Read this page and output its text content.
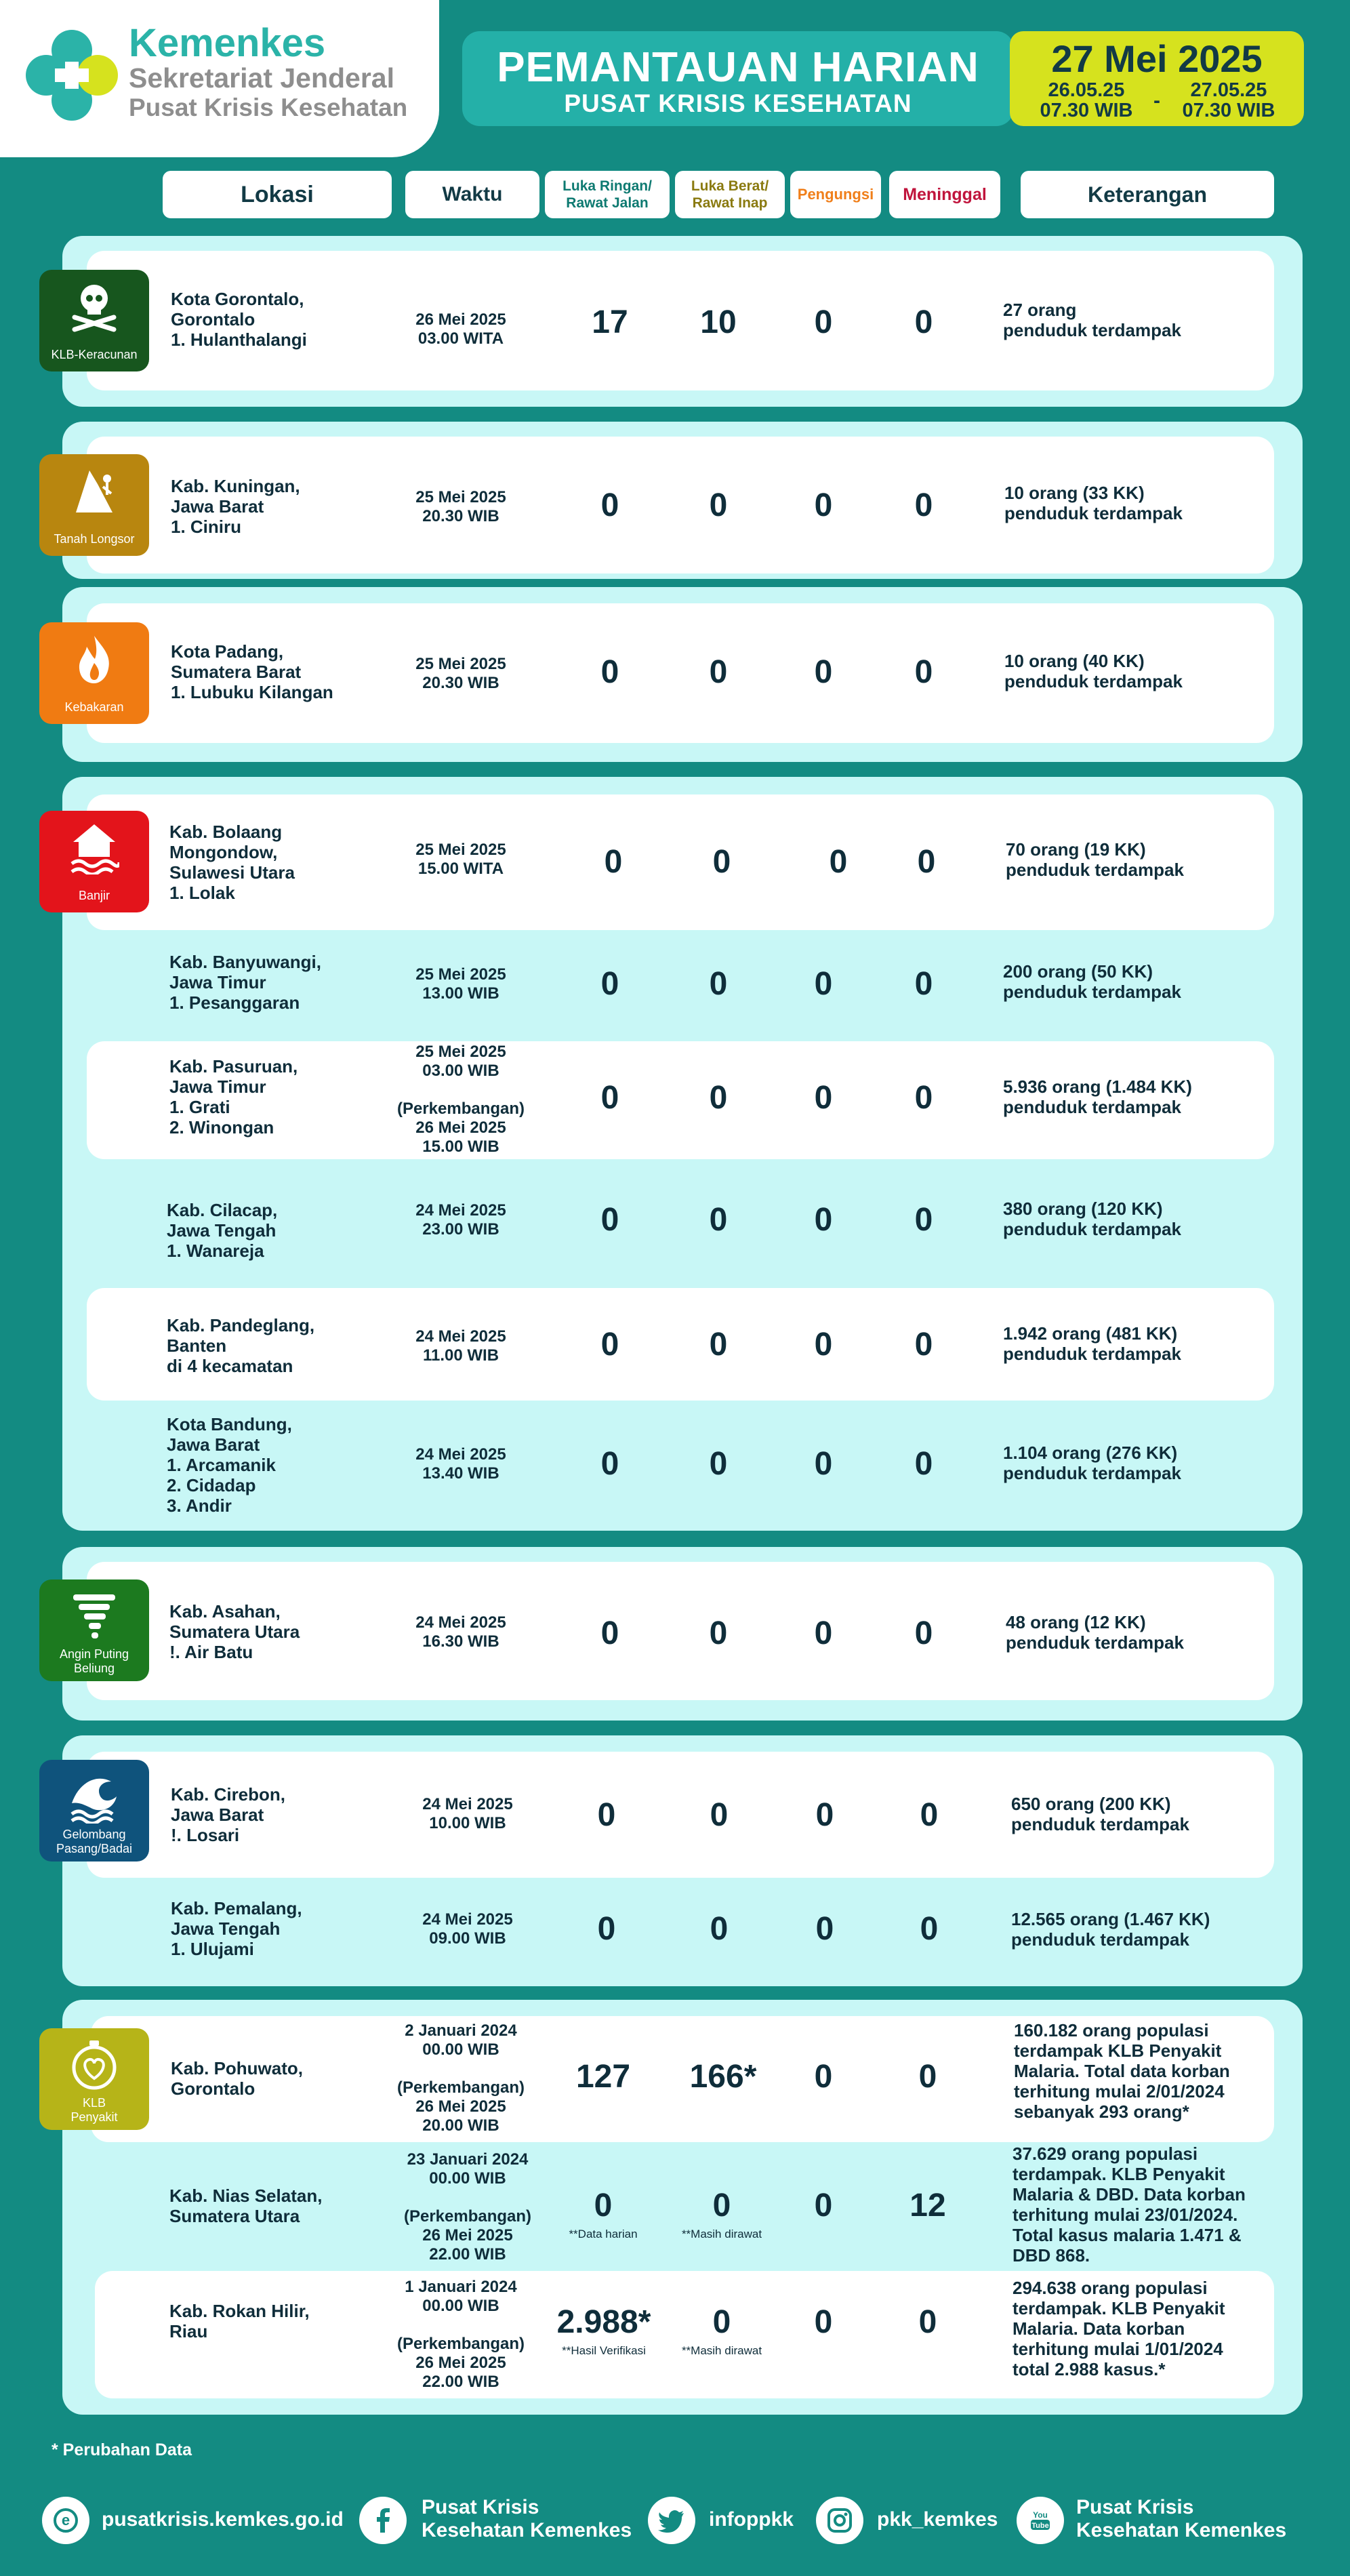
Kemenkes
Sekretariat Jenderal
Pusat Krisis Kesehatan
PEMANTAUAN HARIAN
PUSAT KRISIS KESEHATAN
27 Mei 2025
26.05.25
07.30 WIB	-	27.05.25
07.30 WIB
Lokasi	Waktu	Luka Ringan/
Rawat Jalan
Luka Berat/
Rawat Inap
Pengungsi	Meninggal	Keterangan
KLB-Keracunan
Tanah Longsor
Kebakaran
Banjir
Angin Puting
Beliung
Gelombang
Pasang/Badai
KLB
Penyakit
Kota Gorontalo,
Gorontalo
1. Hulanthalangi
26 Mei 2025
03.00 WITA	17	10	0	0	27 orang
penduduk terdampak
Kab. Kuningan,
Jawa Barat
1. Ciniru
25 Mei 2025
20.30 WIB	0	0	0	0	10 orang (33 KK)
penduduk terdampak
Kota Padang,
Sumatera Barat
1. Lubuku Kilangan
25 Mei 2025
20.30 WIB	0	0	0	0	10 orang (40 KK)
penduduk terdampak
Kab. Bolaang
Mongondow,
Sulawesi Utara
1. Lolak
25 Mei 2025
15.00 WITA	0	0	0	0	70 orang (19 KK)
penduduk terdampak
Kab. Banyuwangi,
Jawa Timur
1. Pesanggaran
25 Mei 2025
13.00 WIB	0	0	0	0	200 orang (50 KK)
penduduk terdampak
Kab. Pasuruan,
Jawa Timur
1. Grati
2. Winongan
25 Mei 2025
03.00 WIB

(Perkembangan)
26 Mei 2025
15.00 WIB
0	0	0	0	5.936 orang (1.484 KK)
penduduk terdampak
Kab. Cilacap,
Jawa Tengah
1. Wanareja
24 Mei 2025
23.00 WIB	0	0	0	0	380 orang (120 KK)
penduduk terdampak
Kab. Pandeglang,
Banten
di 4 kecamatan
24 Mei 2025
11.00 WIB	0	0	0	0	1.942 orang (481 KK)
penduduk terdampak
Kota Bandung,
Jawa Barat
1. Arcamanik
2. Cidadap
3. Andir
24 Mei 2025
13.40 WIB	0	0	0	0	1.104 orang (276 KK)
penduduk terdampak
Kab. Asahan,
Sumatera Utara
!. Air Batu
24 Mei 2025
16.30 WIB	0	0	0	0	48 orang (12 KK)
penduduk terdampak
Kab. Cirebon,
Jawa Barat
!. Losari
24 Mei 2025
10.00 WIB	0	0	0	0	650 orang (200 KK)
penduduk terdampak
Kab. Pemalang,
Jawa Tengah
1. Ulujami
24 Mei 2025
09.00 WIB	0	0	0	0	12.565 orang (1.467 KK)
penduduk terdampak
Kab. Pohuwato,
Gorontalo
2 Januari 2024
00.00 WIB

(Perkembangan)
26 Mei 2025
20.00 WIB
127	166*	0	0
160.182 orang populasi
terdampak KLB Penyakit
Malaria. Total data korban
terhitung mulai 2/01/2024
sebanyak 293 orang*
Kab. Nias Selatan,
Sumatera Utara
23 Januari 2024
00.00 WIB

(Perkembangan)
26 Mei 2025
22.00 WIB
0
**Data harian
0
**Masih dirawat
0	12
37.629 orang populasi
terdampak. KLB Penyakit
Malaria & DBD. Data korban
terhitung mulai 23/01/2024.
Total kasus malaria 1.471 &
DBD 868.
Kab. Rokan Hilir,
Riau
1 Januari 2024
00.00 WIB

(Perkembangan)
26 Mei 2025
22.00 WIB
2.988*
**Hasil Verifikasi
0
**Masih dirawat
0	0
294.638 orang populasi
terdampak. KLB Penyakit
Malaria. Data korban
terhitung mulai 1/01/2024
total 2.988 kasus.*
* Perubahan Data
e pusatkrisis.kemkes.go.id
Pusat Krisis
Kesehatan Kemenkes	infoppkk	pkk_kemkes	You
Tube
Pusat Krisis
Kesehatan Kemenkes
